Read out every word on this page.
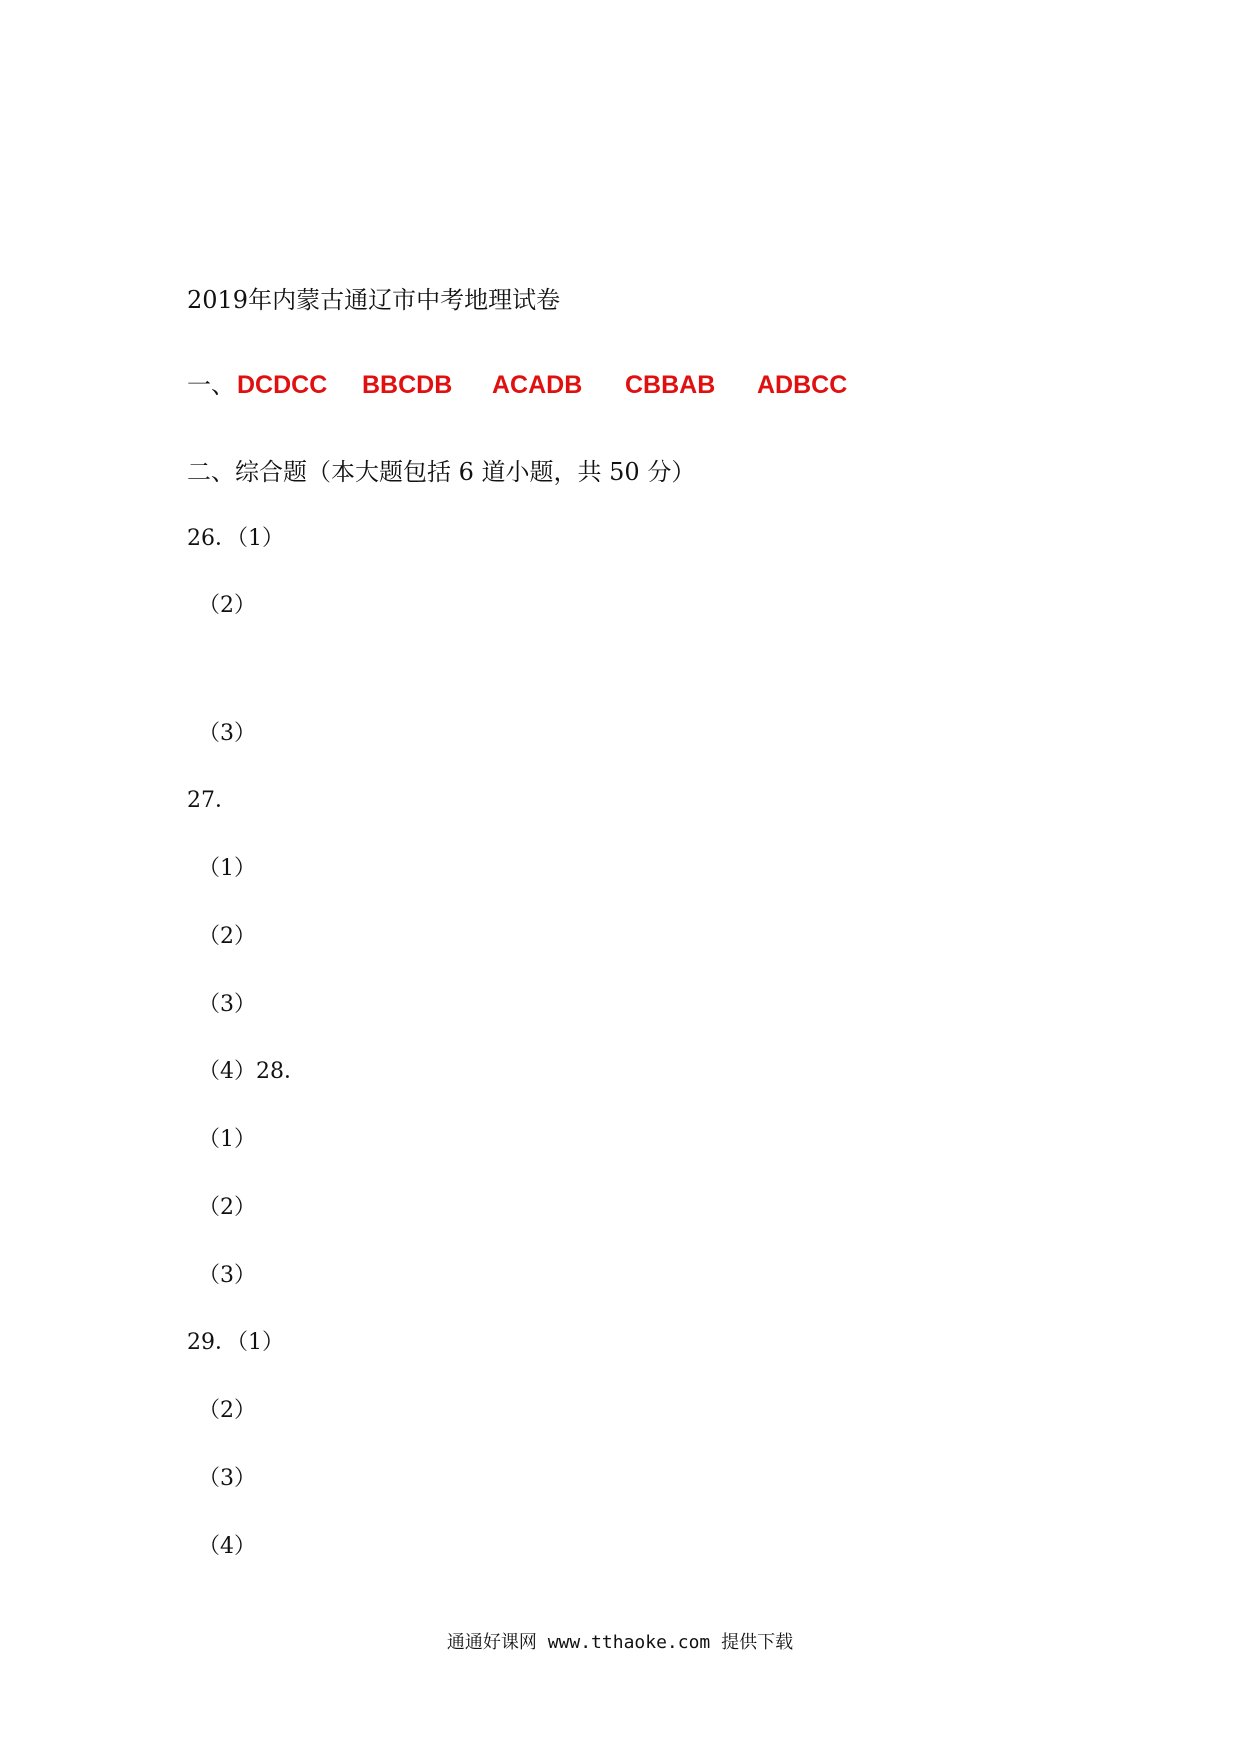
2019年内蒙古通辽市中考地理试卷
一、 DCDCC BBCDB ACADB CBBAB ADBCC
二、综合题（本大题包括 6 道小题，共 50 分）
26．（1）
（2）
（3）
27．
（1）
（2）
（3）
（4）28．
（1）
（2）
（3）
29．（1）
（2）
（3）
（4）
通通好课网 www.tthaoke.com 提供下载
